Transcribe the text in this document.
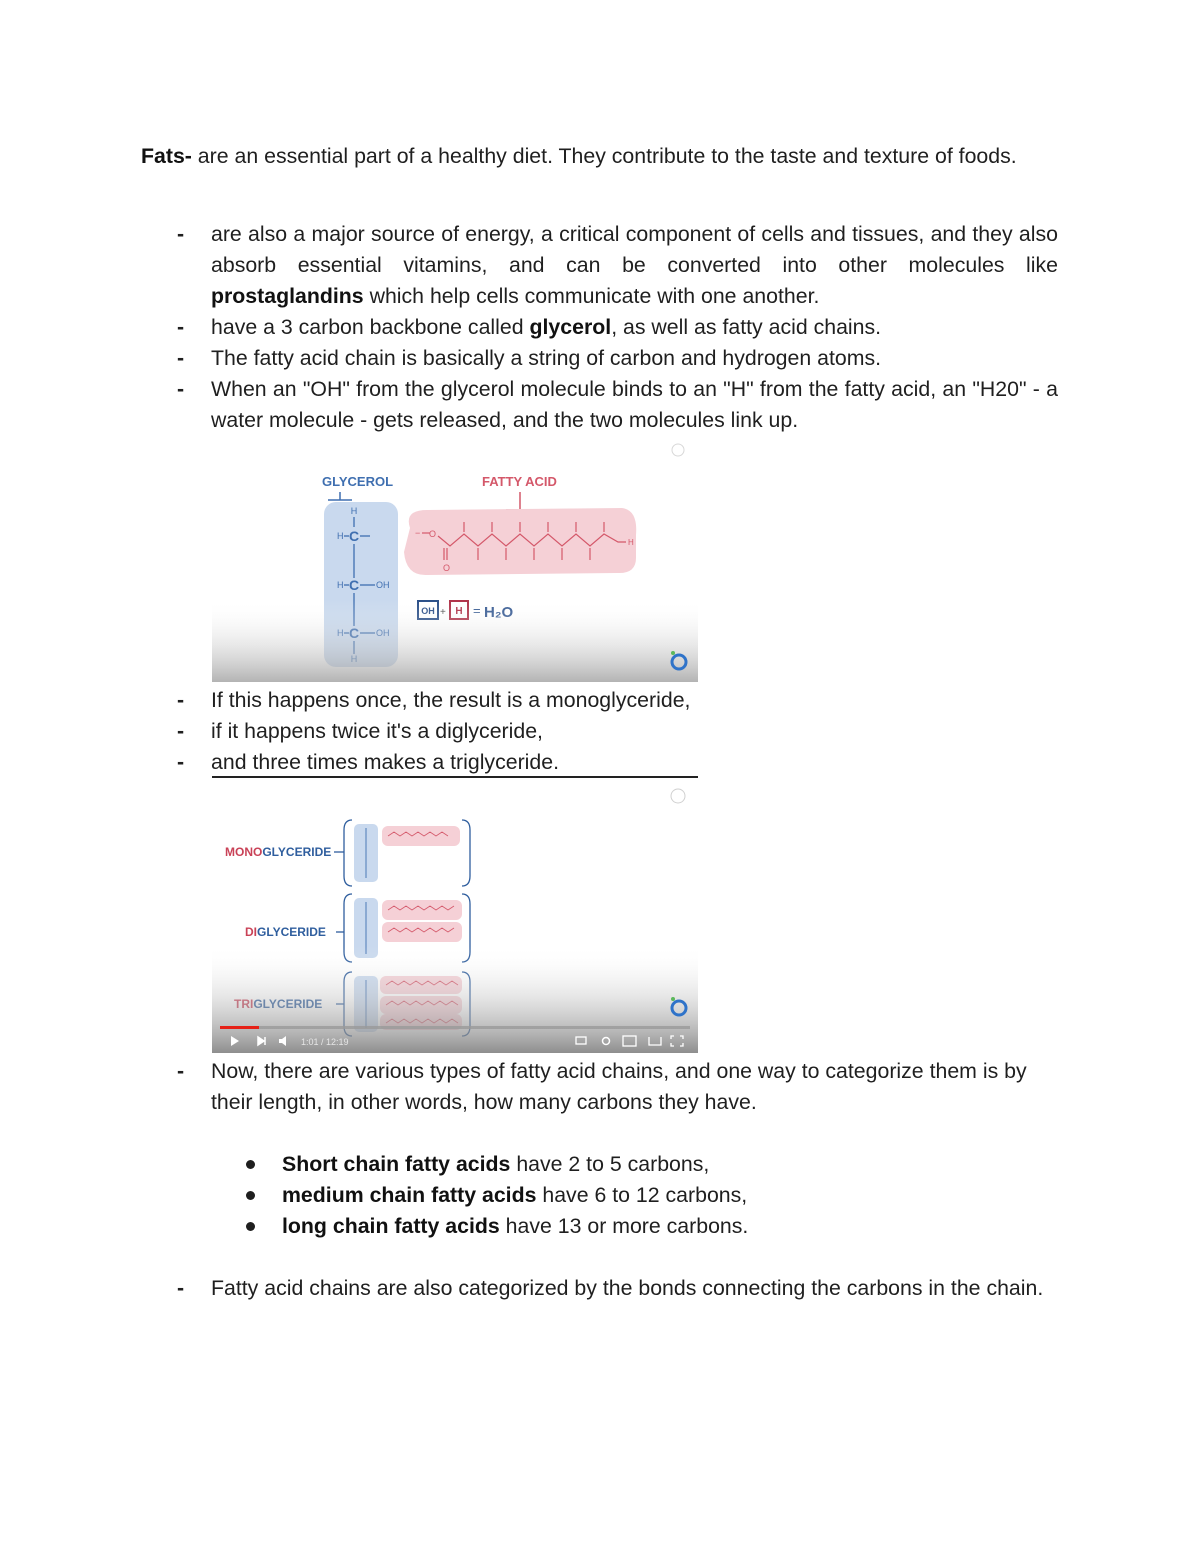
Fats- are an essential part of a healthy diet. They contribute to the taste and texture of foods.

-	are also a major source of energy, a critical component of cells and tissues, and they also absorb essential vitamins, and can be converted into other molecules like prostaglandins which help cells communicate with one another.
-	have a 3 carbon backbone called glycerol, as well as fatty acid chains.
-	The fatty acid chain is basically a string of carbon and hydrogen atoms.
-	When an "OH" from the glycerol molecule binds to an "H" from the fatty acid, an "H20" - a water molecule - gets released, and the two molecules link up.
GLYCEROL
H
H C
H C OH
FATTY ACID
− O
O
H
-	If this happens once, the result is a monoglyceride,
-	if it happens twice it's a diglyceride,
-	and three times makes a triglyceride.
MONOGLYCERIDE
DIGLYCERIDE
1:01 / 12:19
-	Now, there are various types of fatty acid chains, and one way to categorize them is by their length, in other words, how many carbons they have.
Short chain fatty acids have 2 to 5 carbons,
medium chain fatty acids have 6 to 12 carbons,
long chain fatty acids have 13 or more carbons.
-	Fatty acid chains are also categorized by the bonds connecting the carbons in the chain.
